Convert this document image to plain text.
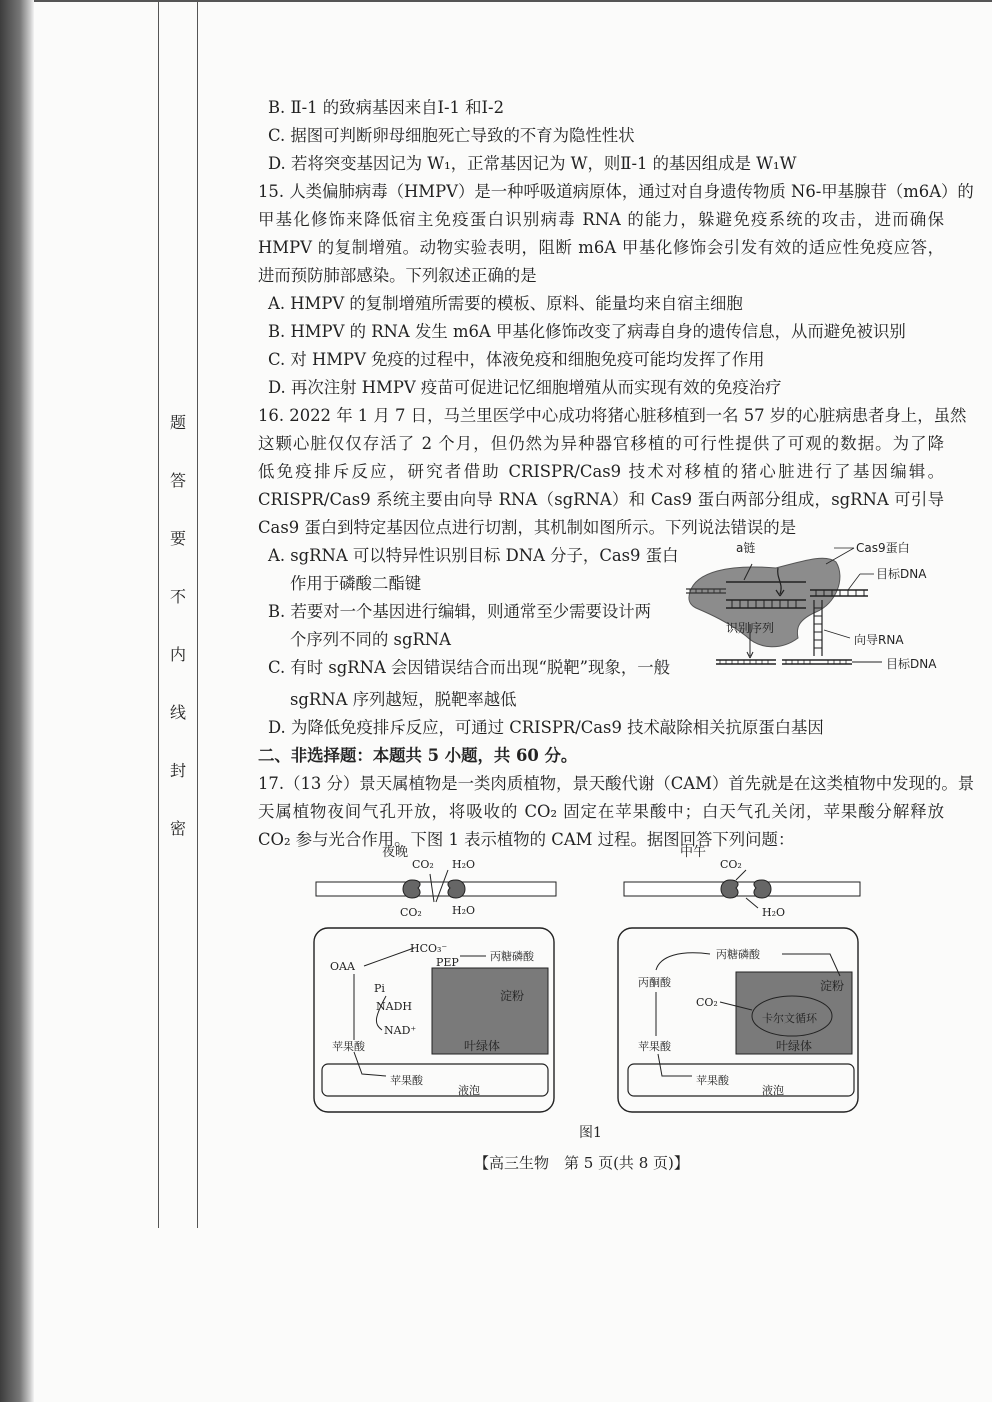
题
答
要
不
内
线
封
密
B. Ⅱ-1 的致病基因来自Ⅰ-1 和Ⅰ-2
C. 据图可判断卵母细胞死亡导致的不育为隐性性状
D. 若将突变基因记为 W₁，正常基因记为 W，则Ⅱ-1 的基因组成是 W₁W
15. 人类偏肺病毒（HMPV）是一种呼吸道病原体，通过对自身遗传物质 N6-甲基腺苷（m6A）的
甲基化修饰来降低宿主免疫蛋白识别病毒 RNA 的能力，躲避免疫系统的攻击，进而确保
HMPV 的复制增殖。动物实验表明，阻断 m6A 甲基化修饰会引发有效的适应性免疫应答，
进而预防肺部感染。下列叙述正确的是
A. HMPV 的复制增殖所需要的模板、原料、能量均来自宿主细胞
B. HMPV 的 RNA 发生 m6A 甲基化修饰改变了病毒自身的遗传信息，从而避免被识别
C. 对 HMPV 免疫的过程中，体液免疫和细胞免疫可能均发挥了作用
D. 再次注射 HMPV 疫苗可促进记忆细胞增殖从而实现有效的免疫治疗
16. 2022 年 1 月 7 日，马兰里医学中心成功将猪心脏移植到一名 57 岁的心脏病患者身上，虽然
这颗心脏仅仅存活了 2 个月，但仍然为异种器官移植的可行性提供了可观的数据。为了降
低免疫排斥反应，研究者借助 CRISPR/Cas9 技术对移植的猪心脏进行了基因编辑。
CRISPR/Cas9 系统主要由向导 RNA（sgRNA）和 Cas9 蛋白两部分组成，sgRNA 可引导
Cas9 蛋白到特定基因位点进行切割，其机制如图所示。下列说法错误的是
A. sgRNA 可以特异性识别目标 DNA 分子，Cas9 蛋白
作用于磷酸二酯键
B. 若要对一个基因进行编辑，则通常至少需要设计两
个序列不同的 sgRNA
C. 有时 sgRNA 会因错误结合而出现“脱靶”现象，一般
sgRNA 序列越短，脱靶率越低
D. 为降低免疫排斥反应，可通过 CRISPR/Cas9 技术敲除相关抗原蛋白基因
a链	Cas9蛋白
目标DNA
识别序列
向导RNA
目标DNA
二、非选择题：本题共 5 小题，共 60 分。
17.（13 分）景天属植物是一类肉质植物，景天酸代谢（CAM）首先就是在这类植物中发现的。景
天属植物夜间气孔开放，将吸收的 CO₂ 固定在苹果酸中；白天气孔关闭，苹果酸分解释放
CO₂ 参与光合作用。下图 1 表示植物的 CAM 过程。据图回答下列问题：
夜晚
CO₂ H₂O
CO₂	H₂O
HCO₃⁻
PEP	丙糖磷酸
OAA
Pi
淀粉
NADH
NAD⁺
苹果酸	叶绿体
苹果酸
液泡
中午
CO₂
H₂O
丙糖磷酸
丙酮酸
CO₂
淀粉
卡尔文循环
苹果酸	叶绿体
苹果酸
液泡
图1
【高三生物　第 5 页(共 8 页)】
